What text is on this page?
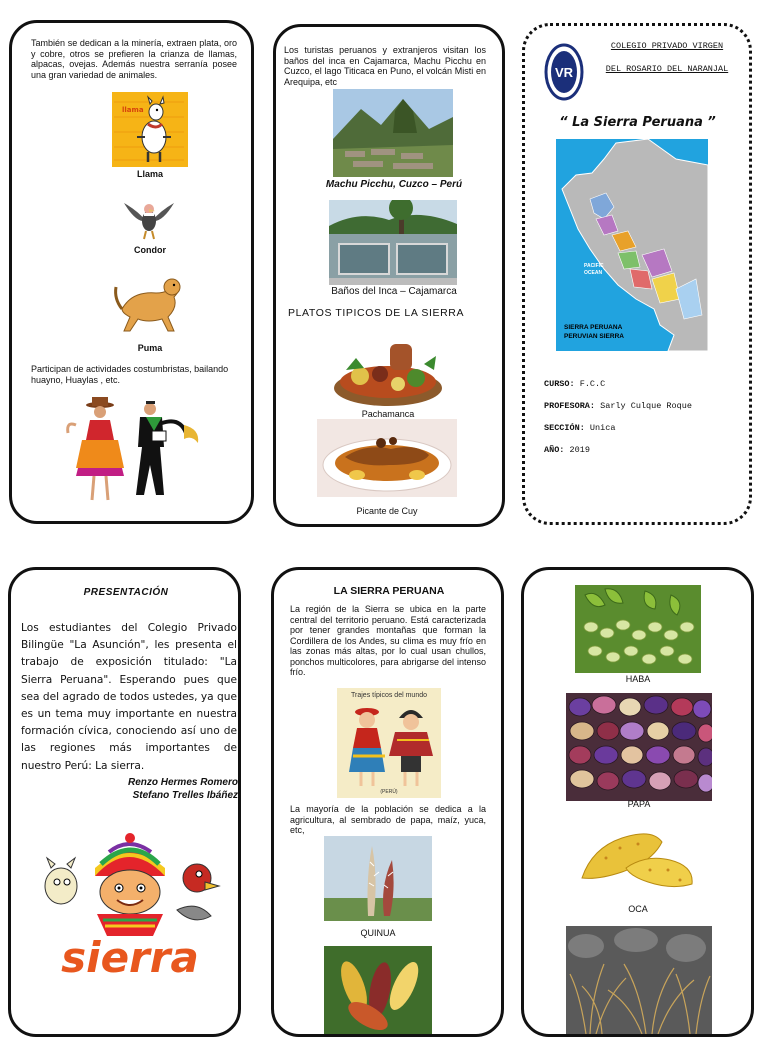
También se dedican a la minería, extraen plata, oro y cobre, otros se prefieren la crianza de llamas, alpacas, ovejas. Además nuestra serranía posee una gran variedad de animales.
llama
Llama
Condor
Puma
Participan de actividades costumbristas, bailando huayno, Huaylas , etc.
Los turistas peruanos y extranjeros visitan los baños del inca en Cajamarca, Machu Picchu en Cuzco, el lago Titicaca en Puno, el volcán Misti en Arequipa, etc
Machu Picchu, Cuzco – Perú
Baños del Inca – Cajamarca
PLATOS TIPICOS DE LA SIERRA
Pachamanca
Picante de Cuy
VR
COLEGIO PRIVADO VIRGEN
DEL ROSARIO DEL NARANJAL
“ La Sierra Peruana ”
PACIFIC
OCEAN
SIERRA PERUANA
PERUVIAN SIERRA
CURSO: F.C.C
PROFESORA: Sarly Culque Roque
SECCIÓN: Unica
AÑO: 2019
PRESENTACIÓN
Los estudiantes del Colegio Privado Bilingüe "La Asunción", les presenta el trabajo de exposición titulado: "La Sierra Peruana". Esperando pues que sea del agrado de todos ustedes, ya que es un tema muy importante en nuestra formación cívica, conociendo así uno de las regiones más importantes de nuestro Perú: La sierra.
Renzo Hermes Romero
Stefano Trelles Ibáñez
sierra
LA SIERRA PERUANA
La región de la Sierra se ubica en la parte central del territorio peruano. Está caracterizada por tener grandes montañas que forman la Cordillera de los Andes, su clima es muy frío en las zonas más altas, por lo cual usan chullos, ponchos multicolores, para abrigarse del intenso frío.
Trajes típicos del mundo
(PERÚ)
La mayoría de la población se dedica a la agricultura, al sembrado de papa, maíz, yuca, etc,
QUINUA
HABA
PAPA
OCA
